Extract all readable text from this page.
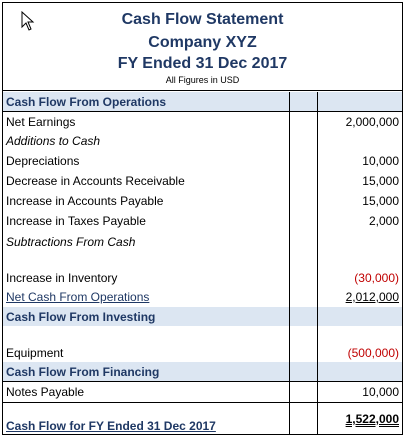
Cash Flow Statement
Company XYZ
FY Ended 31 Dec 2017
All Figures in USD
Cash Flow From Operations
Net Earnings	2,000,000
Additions to Cash
Depreciations	10,000
Decrease in Accounts Receivable	15,000
Increase in Accounts Payable	15,000
Increase in Taxes Payable	2,000
Subtractions From Cash
Increase in Inventory	(30,000)
Net Cash From Operations	2,012,000
Cash Flow From Investing
Equipment	(500,000)
Cash Flow From Financing
Notes Payable	10,000
Cash Flow for FY Ended 31 Dec 2017	1,522,000
